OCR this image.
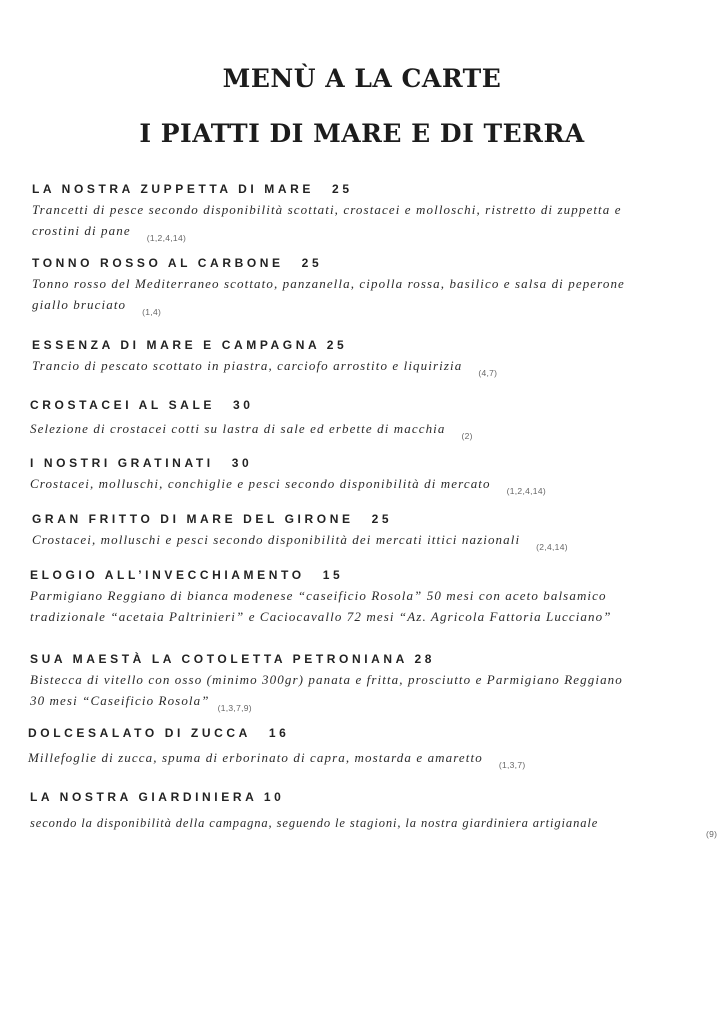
MENÙ A LA CARTE
I PIATTI DI MARE E DI TERRA
LA NOSTRA ZUPPETTA DI MARE 25
Trancetti di pesce secondo disponibilità scottati, crostacei e molloschi, ristretto di zuppetta e
crostini di pane $_{(1,2,4,14)}$
TONNO ROSSO AL CARBONE 25
Tonno rosso del Mediterraneo scottato, panzanella, cipolla rossa, basilico e salsa di peperone
giallo bruciato $_{(1,4)}$
ESSENZA DI MARE E CAMPAGNA 25
Trancio di pescato scottato in piastra, carciofo arrostito e liquirizia $_{(4,7)}$
CROSTACEI AL SALE 30
Selezione di crostacei cotti su lastra di sale ed erbette di macchia $_{(2)}$
I NOSTRI GRATINATI 30
Crostacei, molluschi, conchiglie e pesci secondo disponibilità di mercato $_{(1,2,4,14)}$
GRAN FRITTO DI MARE DEL GIRONE 25
Crostacei, molluschi e pesci secondo disponibilità dei mercati ittici nazionali $_{(2,4,14)}$
ELOGIO ALL’INVECCHIAMENTO 15
Parmigiano Reggiano di bianca modenese “caseificio Rosola” 50 mesi con aceto balsamico
tradizionale “acetaia Paltrinieri” e Caciocavallo 72 mesi “Az. Agricola Fattoria Lucciano”
SUA MAESTÀ LA COTOLETTA PETRONIANA 28
Bistecca di vitello con osso (minimo 300gr) panata e fritta, prosciutto e Parmigiano Reggiano
30 mesi “Caseificio Rosola” $_{(1,3,7,9)}$
DOLCESALATO DI ZUCCA 16
Millefoglie di zucca, spuma di erborinato di capra, mostarda e amaretto $_{(1,3,7)}$
LA NOSTRA GIARDINIERA 10
secondo la disponibilità della campagna, seguendo le stagioni, la nostra giardiniera artigianale
(9)
